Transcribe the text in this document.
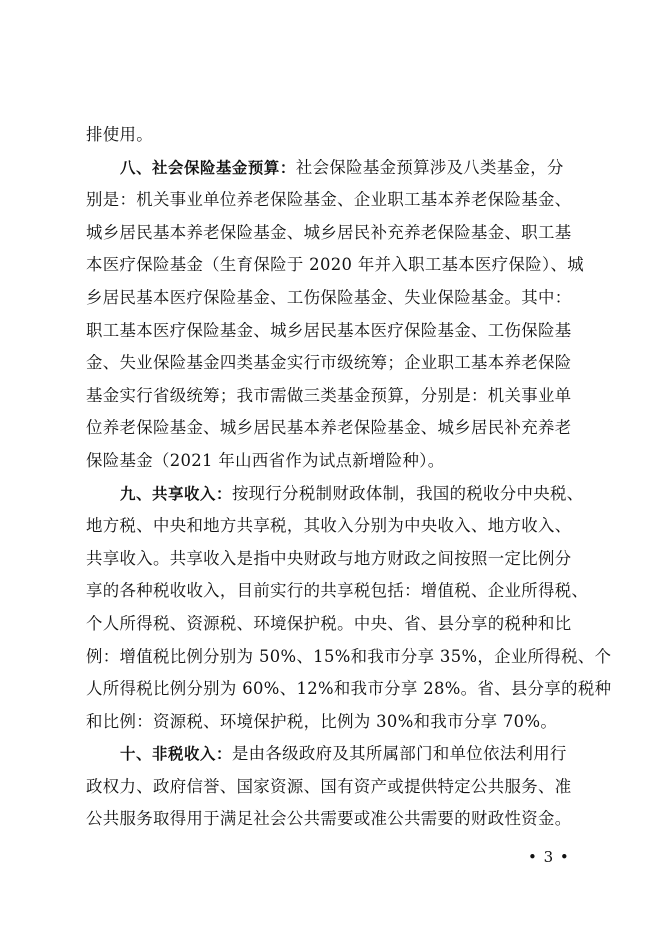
排使用。
八、社会保险基金预算：社会保险基金预算涉及八类基金，分
别是：机关事业单位养老保险基金、企业职工基本养老保险基金、
城乡居民基本养老保险基金、城乡居民补充养老保险基金、职工基
本医疗保险基金（生育保险于 2020 年并入职工基本医疗保险）、城
乡居民基本医疗保险基金、工伤保险基金、失业保险基金。其中：
职工基本医疗保险基金、城乡居民基本医疗保险基金、工伤保险基
金、失业保险基金四类基金实行市级统筹；企业职工基本养老保险
基金实行省级统筹；我市需做三类基金预算，分别是：机关事业单
位养老保险基金、城乡居民基本养老保险基金、城乡居民补充养老
保险基金（2021 年山西省作为试点新增险种）。
九、共享收入：按现行分税制财政体制，我国的税收分中央税、
地方税、中央和地方共享税，其收入分别为中央收入、地方收入、
共享收入。共享收入是指中央财政与地方财政之间按照一定比例分
享的各种税收收入，目前实行的共享税包括：增值税、企业所得税、
个人所得税、资源税、环境保护税。中央、省、县分享的税种和比
例：增值税比例分别为 50%、15%和我市分享 35%，企业所得税、个
人所得税比例分别为 60%、12%和我市分享 28%。省、县分享的税种
和比例：资源税、环境保护税，比例为 30%和我市分享 70%。
十、非税收入：是由各级政府及其所属部门和单位依法利用行
政权力、政府信誉、国家资源、国有资产或提供特定公共服务、准
公共服务取得用于满足社会公共需要或准公共需要的财政性资金。
• 3 •
